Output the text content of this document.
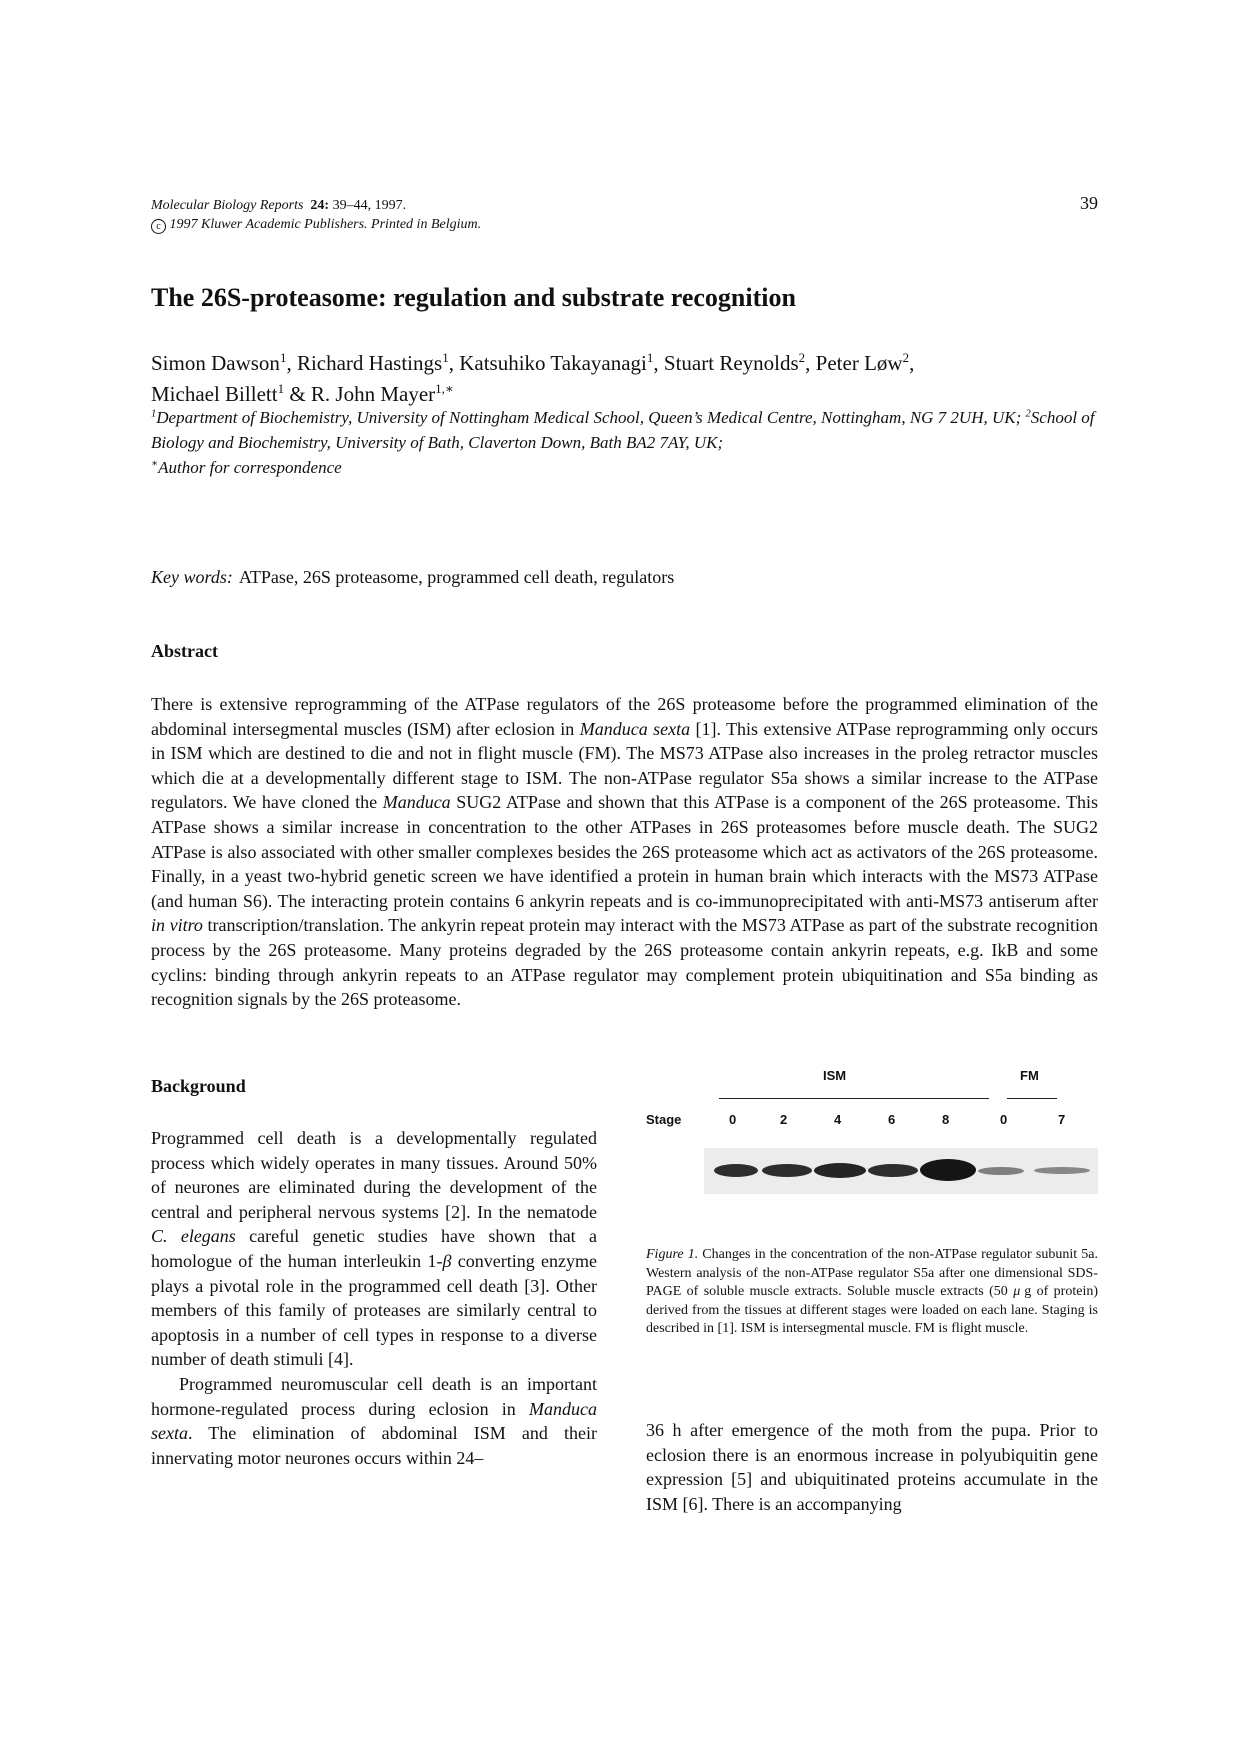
Molecular Biology Reports 24: 39–44, 1997.
c 1997 Kluwer Academic Publishers. Printed in Belgium.
39
The 26S-proteasome: regulation and substrate recognition
Simon Dawson$^1$, Richard Hastings$^1$, Katsuhiko Takayanagi$^1$, Stuart Reynolds$^2$, Peter Løw$^2$,
Michael Billett$^1$ & R. John Mayer$^{1,∗}$
$^1$Department of Biochemistry, University of Nottingham Medical School, Queen’s Medical Centre, Nottingham, NG 7 2UH, UK; $^2$School of Biology and Biochemistry, University of Bath, Claverton Down, Bath BA2 7AY, UK;
∗Author for correspondence
Key words: ATPase, 26S proteasome, programmed cell death, regulators
Abstract
There is extensive reprogramming of the ATPase regulators of the 26S proteasome before the programmed elimination of the abdominal intersegmental muscles (ISM) after eclosion in Manduca sexta [1]. This extensive ATPase reprogramming only occurs in ISM which are destined to die and not in flight muscle (FM). The MS73 ATPase also increases in the proleg retractor muscles which die at a developmentally different stage to ISM. The non-ATPase regulator S5a shows a similar increase to the ATPase regulators. We have cloned the Manduca SUG2 ATPase and shown that this ATPase is a component of the 26S proteasome. This ATPase shows a similar increase in concentration to the other ATPases in 26S proteasomes before muscle death. The SUG2 ATPase is also associated with other smaller complexes besides the 26S proteasome which act as activators of the 26S proteasome. Finally, in a yeast two-hybrid genetic screen we have identified a protein in human brain which interacts with the MS73 ATPase (and human S6). The interacting protein contains 6 ankyrin repeats and is co-immunoprecipitated with anti-MS73 antiserum after in vitro transcription/translation. The ankyrin repeat protein may interact with the MS73 ATPase as part of the substrate recognition process by the 26S proteasome. Many proteins degraded by the 26S proteasome contain ankyrin repeats, e.g. IkB and some cyclins: binding through ankyrin repeats to an ATPase regulator may complement protein ubiquitination and S5a binding as recognition signals by the 26S proteasome.
Background

Programmed cell death is a developmentally regulated process which widely operates in many tissues. Around 50% of neurones are eliminated during the development of the central and peripheral nervous systems [2]. In the nematode C. elegans careful genetic studies have shown that a homologue of the human interleukin 1-β converting enzyme plays a pivotal role in the programmed cell death [3]. Other members of this family of proteases are similarly central to apoptosis in a number of cell types in response to a diverse number of death stimuli [4].

Programmed neuromuscular cell death is an important hormone-regulated process during eclosion in Manduca sexta. The elimination of abdominal ISM and their innervating motor neurones occurs within 24–

ISM	FM
Stage	0	2	4	6	8	0	7
Figure 1. Changes in the concentration of the non-ATPase regulator subunit 5a. Western analysis of the non-ATPase regulator S5a after one dimensional SDS-PAGE of soluble muscle extracts. Soluble muscle extracts (50 μ g of protein) derived from the tissues at different stages were loaded on each lane. Staging is described in [1]. ISM is intersegmental muscle. FM is flight muscle.
36 h after emergence of the moth from the pupa. Prior to eclosion there is an enormous increase in polyubiquitin gene expression [5] and ubiquitinated proteins accumulate in the ISM [6]. There is an accompanying
